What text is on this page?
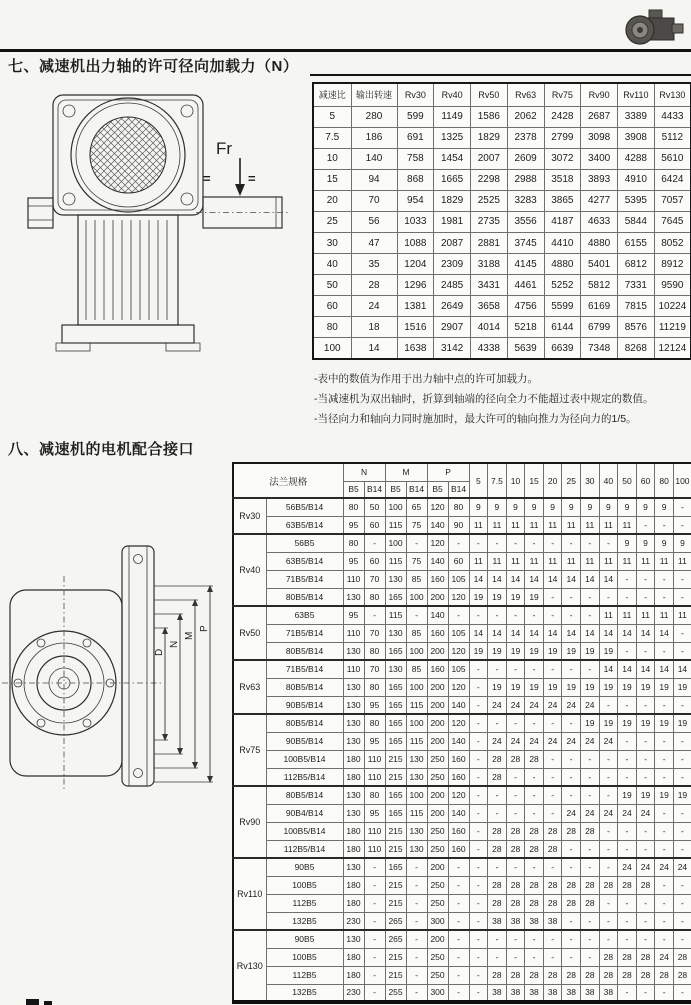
七、减速机出力轴的许可径向加载力（N）
Fr
=	=
减速比	输出转速	Rv30	Rv40	Rv50	Rv63	Rv75	Rv90	Rv110	Rv130
5	280	599	1149	1586	2062	2428	2687	3389	4433
7.5	186	691	1325	1829	2378	2799	3098	3908	5112
10	140	758	1454	2007	2609	3072	3400	4288	5610
15	94	868	1665	2298	2988	3518	3893	4910	6424
20	70	954	1829	2525	3283	3865	4277	5395	7057
25	56	1033	1981	2735	3556	4187	4633	5844	7645
30	47	1088	2087	2881	3745	4410	4880	6155	8052
40	35	1204	2309	3188	4145	4880	5401	6812	8912
50	28	1296	2485	3431	4461	5252	5812	7331	9590
60	24	1381	2649	3658	4756	5599	6169	7815	10224
80	18	1516	2907	4014	5218	6144	6799	8576	11219
100	14	1638	3142	4338	5639	6639	7348	8268	12124
-表中的数值为作用于出力轴中点的许可加载力。
-当减速机为双出轴时，折算到轴端的径向全力不能超过表中规定的数值。
-当径向力和轴向力同时施加时，最大许可的轴向推力为径向力的1/5。
八、减速机的电机配合接口
D
N
M
P
法兰规格		N		M		P		5	7.5	10	15	20	25	30	40	50	60	80	100
		B5	B14	B5	B14	B5	B14												
Rv30	56B5/B14	80	50	100	65	120	80	9	9	9	9	9	9	9	9	9	9	9	-
	63B5/B14	95	60	115	75	140	90	11	11	11	11	11	11	11	11	11	-	-	-
Rv40	56B5	80	-	100	-	120	-	-	-	-	-	-	-	-	-	9	9	9	9
	63B5/B14	95	60	115	75	140	60	11	11	11	11	11	11	11	11	11	11	11	11
	71B5/B14	110	70	130	85	160	105	14	14	14	14	14	14	14	14	-	-	-	-
	80B5/B14	130	80	165	100	200	120	19	19	19	19	-	-	-	-	-	-	-	-
Rv50	63B5	95	-	115	-	140	-	-	-	-	-	-	-	-	11	11	11	11	11
	71B5/B14	110	70	130	85	160	105	14	14	14	14	14	14	14	14	14	14	14	-
	80B5/B14	130	80	165	100	200	120	19	19	19	19	19	19	19	19	-	-	-	-
Rv63	71B5/B14	110	70	130	85	160	105	-	-	-	-	-	-	-	14	14	14	14	14
	80B5/B14	130	80	165	100	200	120	-	19	19	19	19	19	19	19	19	19	19	19
	90B5/B14	130	95	165	115	200	140	-	24	24	24	24	24	24	-	-	-	-	-
Rv75	80B5/B14	130	80	165	100	200	120	-	-	-	-	-	-	19	19	19	19	19	19
	90B5/B14	130	95	165	115	200	140	-	24	24	24	24	24	24	24	-	-	-	-
	100B5/B14	180	110	215	130	250	160	-	28	28	28	-	-	-	-	-	-	-	-
	112B5/B14	180	110	215	130	250	160	-	28	-	-	-	-	-	-	-	-	-	-
Rv90	80B5/B14	130	80	165	100	200	120	-	-	-	-	-	-	-	-	19	19	19	19
	90B4/B14	130	95	165	115	200	140	-	-	-	-	-	24	24	24	24	24	-	-
	100B5/B14	180	110	215	130	250	160	-	28	28	28	28	28	28	-	-	-	-	-
	112B5/B14	180	110	215	130	250	160	-	28	28	28	28	-	-	-	-	-	-	-
Rv110	90B5	130	-	165	-	200	-	-	-	-	-	-	-	-	-	24	24	24	24
	100B5	180	-	215	-	250	-	-	28	28	28	28	28	28	28	28	28	-	-
	112B5	180	-	215	-	250	-	-	28	28	28	28	28	28	-	-	-	-	-
	132B5	230	-	265	-	300	-	-	38	38	38	38	-	-	-	-	-	-	-
Rv130	90B5	130	-	265	-	200	-	-	-	-	-	-	-	-	-	-	-	-	-
	100B5	180	-	215	-	250	-	-	-	-	-	-	-	-	28	28	28	24	28
	112B5	180	-	215	-	250	-	-	28	28	28	28	28	28	28	28	28	28	28
	132B5	230	-	255	-	300	-	-	38	38	38	38	38	38	38	-	-	-	-
